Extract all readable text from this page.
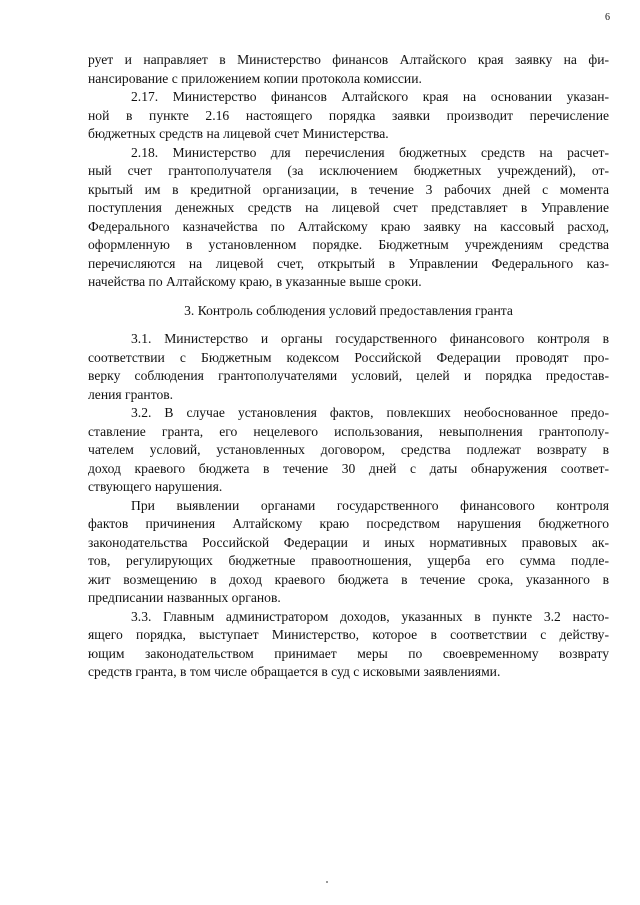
6
рует и направляет в Министерство финансов Алтайского края заявку на фи-
нансирование с приложением копии протокола комиссии.
2.17. Министерство финансов Алтайского края на основании указан-
ной в пункте 2.16 настоящего порядка заявки производит перечисление
бюджетных средств на лицевой счет Министерства.
2.18. Министерство для перечисления бюджетных средств на расчет-
ный счет грантополучателя (за исключением бюджетных учреждений), от-
крытый им в кредитной организации, в течение 3 рабочих дней с момента
поступления денежных средств на лицевой счет представляет в Управление
Федерального казначейства по Алтайскому краю заявку на кассовый расход,
оформленную в установленном порядке. Бюджетным учреждениям средства
перечисляются на лицевой счет, открытый в Управлении Федерального каз-
начейства по Алтайскому краю, в указанные выше сроки.
3. Контроль соблюдения условий предоставления гранта
3.1. Министерство и органы государственного финансового контроля в
соответствии с Бюджетным кодексом Российской Федерации проводят про-
верку соблюдения грантополучателями условий, целей и порядка предостав-
ления грантов.
3.2. В случае установления фактов, повлекших необоснованное предо-
ставление гранта, его нецелевого использования, невыполнения грантополу-
чателем условий, установленных договором, средства подлежат возврату в
доход краевого бюджета в течение 30 дней с даты обнаружения соответ-
ствующего нарушения.
При выявлении органами государственного финансового контроля
фактов причинения Алтайскому краю посредством нарушения бюджетного
законодательства Российской Федерации и иных нормативных правовых ак-
тов, регулирующих бюджетные правоотношения, ущерба его сумма подле-
жит возмещению в доход краевого бюджета в течение срока, указанного в
предписании названных органов.
3.3. Главным администратором доходов, указанных в пункте 3.2 насто-
ящего порядка, выступает Министерство, которое в соответствии с действу-
ющим законодательством принимает меры по своевременному возврату
средств гранта, в том числе обращается в суд с исковыми заявлениями.
